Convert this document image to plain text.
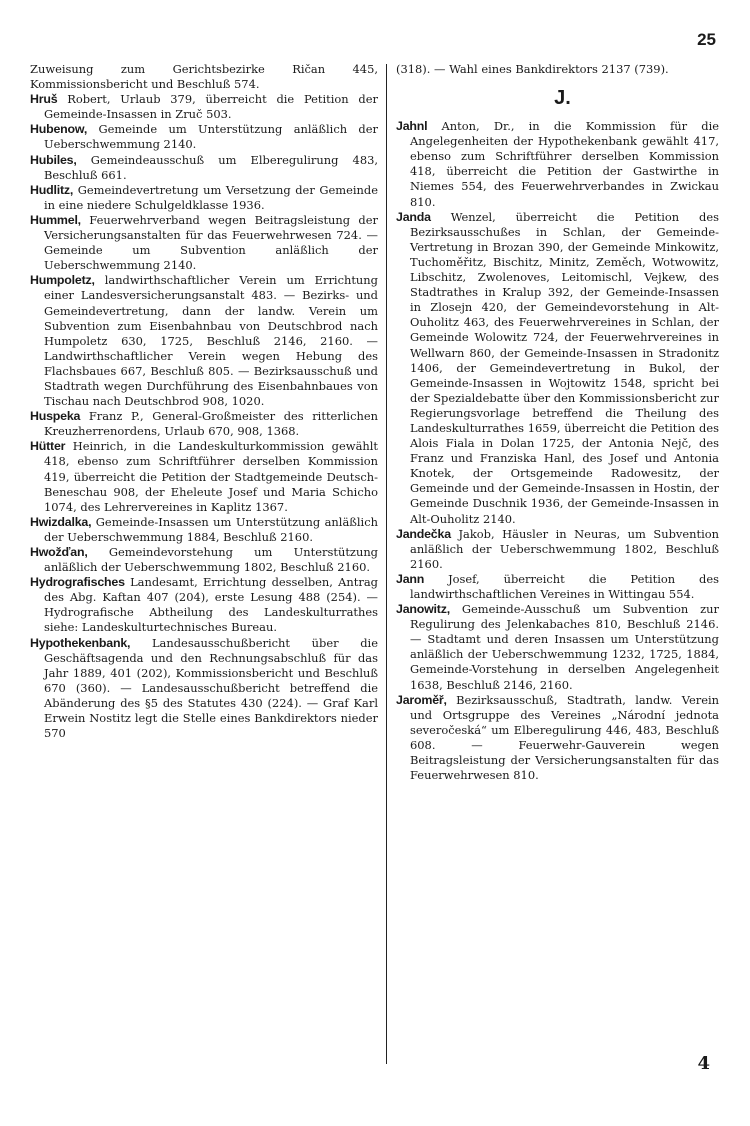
25

Zuweisung zum Gerichtsbezirke Ričan 445, Kommissionsbericht und Beschluß 574.

Hruš Robert, Urlaub 379, überreicht die Petition der Gemeinde-Insassen in Zruč 503.

Hubenow, Gemeinde um Unterstützung anläßlich der Ueberschwemmung 2140.

Hubiles, Gemeindeausschuß um Elberegulirung 483, Beschluß 661.

Hudlitz, Gemeindevertretung um Versetzung der Gemeinde in eine niedere Schulgeldklasse 1936.

Hummel, Feuerwehrverband wegen Beitragsleistung der Versicherungsanstalten für das Feuerwehrwesen 724. — Gemeinde um Subvention anläßlich der Ueberschwemmung 2140.

Humpoletz, landwirthschaftlicher Verein um Errichtung einer Landesversicherungsanstalt 483. — Bezirks- und Gemeindevertretung, dann der landw. Verein um Subvention zum Eisenbahnbau von Deutschbrod nach Humpoletz 630, 1725, Beschluß 2146, 2160. — Landwirthschaftlicher Verein wegen Hebung des Flachsbaues 667, Beschluß 805. — Bezirksausschuß und Stadtrath wegen Durchführung des Eisenbahnbaues von Tischau nach Deutschbrod 908, 1020.

Huspeka Franz P., General-Großmeister des ritterlichen Kreuzherrenordens, Urlaub 670, 908, 1368.

Hütter Heinrich, in die Landeskulturkommission gewählt 418, ebenso zum Schriftführer derselben Kommission 419, überreicht die Petition der Stadtgemeinde Deutsch-Beneschau 908, der Eheleute Josef und Maria Schicho 1074, des Lehrervereines in Kaplitz 1367.

Hwizdalka, Gemeinde-Insassen um Unterstützung anläßlich der Ueberschwemmung 1884, Beschluß 2160.

Hwožďan, Gemeindevorstehung um Unterstützung anläßlich der Ueberschwemmung 1802, Beschluß 2160.

Hydrografisches Landesamt, Errichtung desselben, Antrag des Abg. Kaftan 407 (204), erste Lesung 488 (254). — Hydrografische Abtheilung des Landeskulturrathes siehe: Landeskulturtechnisches Bureau.

Hypothekenbank, Landesausschußbericht über die Geschäftsagenda und den Rechnungsabschluß für das Jahr 1889, 401 (202), Kommissionsbericht und Beschluß 670 (360). — Landesausschußbericht betreffend die Abänderung des §5 des Statutes 430 (224). — Graf Karl Erwein Nostitz legt die Stelle eines Bankdirektors nieder 570

(318). — Wahl eines Bankdirektors 2137 (739).

J.

Jahnl Anton, Dr., in die Kommission für die Angelegenheiten der Hypothekenbank gewählt 417, ebenso zum Schriftführer derselben Kommission 418, überreicht die Petition der Gastwirthe in Niemes 554, des Feuerwehrverbandes in Zwickau 810.

Janda Wenzel, überreicht die Petition des Bezirksausschußes in Schlan, der Gemeinde-Vertretung in Brozan 390, der Gemeinde Minkowitz, Tuchoměřitz, Bischitz, Minitz, Zeměch, Wotwowitz, Libschitz, Zwolenoves, Leitomischl, Vejkew, des Stadtrathes in Kralup 392, der Gemeinde-Insassen in Zlosejn 420, der Gemeindevorstehung in Alt-Ouholitz 463, des Feuerwehrvereines in Schlan, der Gemeinde Wolowitz 724, der Feuerwehrvereines in Wellwarn 860, der Gemeinde-Insassen in Stradonitz 1406, der Gemeindevertretung in Bukol, der Gemeinde-Insassen in Wojtowitz 1548, spricht bei der Spezialdebatte über den Kommissionsbericht zur Regierungsvorlage betreffend die Theilung des Landeskulturrathes 1659, überreicht die Petition des Alois Fiala in Dolan 1725, der Antonia Nejč, des Franz und Franziska Hanl, des Josef und Antonia Knotek, der Ortsgemeinde Radowesitz, der Gemeinde und der Gemeinde-Insassen in Hostin, der Gemeinde Duschnik 1936, der Gemeinde-Insassen in Alt-Ouholitz 2140.

Jandečka Jakob, Häusler in Neuras, um Subvention anläßlich der Ueberschwemmung 1802, Beschluß 2160.

Jann Josef, überreicht die Petition des landwirthschaftlichen Vereines in Wittingau 554.

Janowitz, Gemeinde-Ausschuß um Subvention zur Regulirung des Jelenkabaches 810, Beschluß 2146. — Stadtamt und deren Insassen um Unterstützung anläßlich der Ueberschwemmung 1232, 1725, 1884, Gemeinde-Vorstehung in derselben Angelegenheit 1638, Beschluß 2146, 2160.

Jaroměř, Bezirksausschuß, Stadtrath, landw. Verein und Ortsgruppe des Vereines „Národní jednota severočeská“ um Elberegulirung 446, 483, Beschluß 608. — Feuerwehr-Gauverein wegen Beitragsleistung der Versicherungsanstalten für das Feuerwehrwesen 810.

4
